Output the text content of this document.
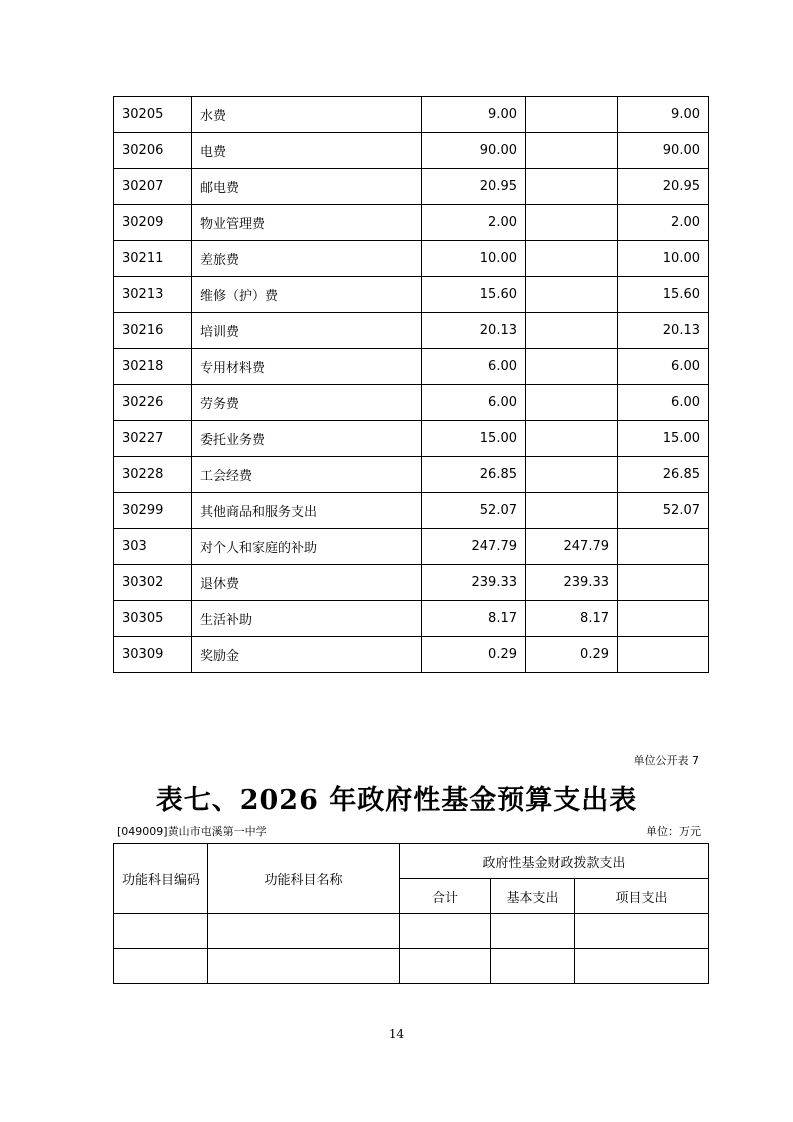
30205	水费	9.00		9.00
30206	电费	90.00		90.00
30207	邮电费	20.95		20.95
30209	物业管理费	2.00		2.00
30211	差旅费	10.00		10.00
30213	维修（护）费	15.60		15.60
30216	培训费	20.13		20.13
30218	专用材料费	6.00		6.00
30226	劳务费	6.00		6.00
30227	委托业务费	15.00		15.00
30228	工会经费	26.85		26.85
30299	其他商品和服务支出	52.07		52.07
303	对个人和家庭的补助	247.79	247.79	
30302	退休费	239.33	239.33	
30305	生活补助	8.17	8.17	
30309	奖励金	0.29	0.29	
单位公开表 7
表七、2026 年政府性基金预算支出表
[049009]黄山市屯溪第一中学	单位：万元
功能科目编码	功能科目名称	政府性基金财政拨款支出		
		合计	基本支出	项目支出

14
